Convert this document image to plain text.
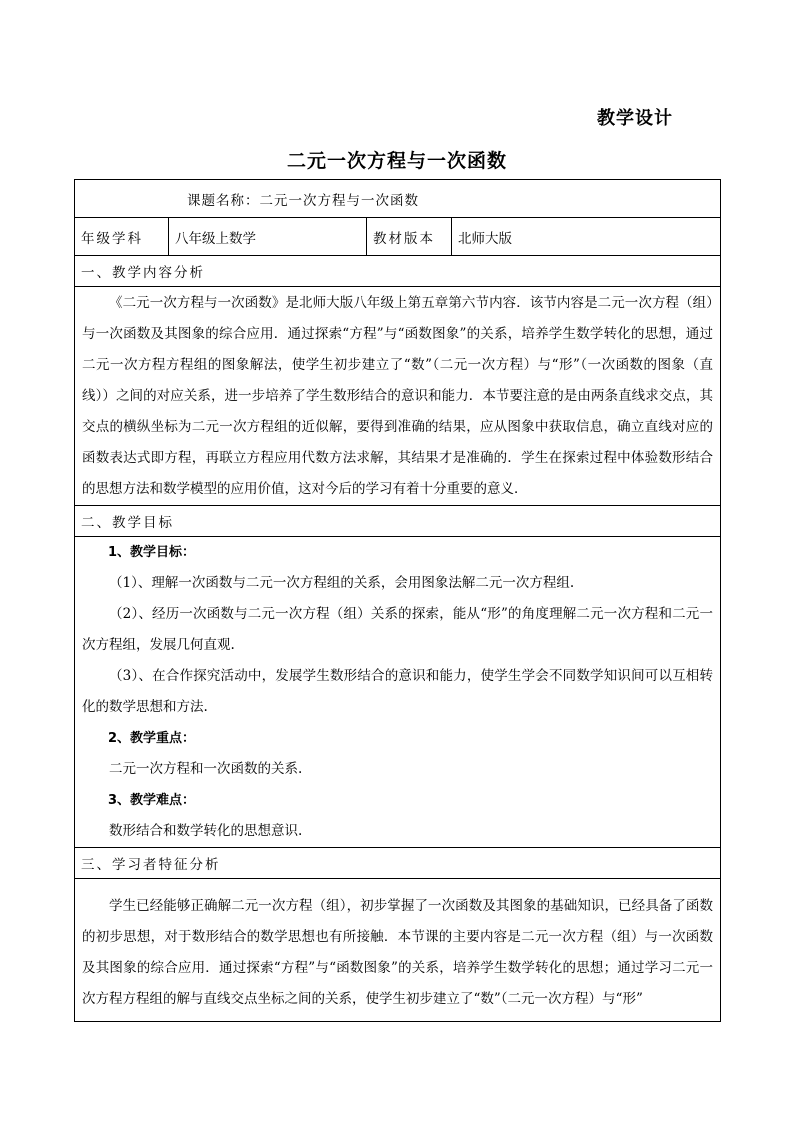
教学设计
二元一次方程与一次函数
课题名称：二元一次方程与一次函数
年级学科	八年级上数学	教材版本	北师大版
一、教学内容分析

《二元一次方程与一次函数》是北师大版八年级上第五章第六节内容．该节内容是二元一次方程（组）与一次函数及其图象的综合应用．通过探索“方程”与“函数图象”的关系，培养学生数学转化的思想，通过二元一次方程方程组的图象解法，使学生初步建立了“数”（二元一次方程）与“形”（一次函数的图象（直线））之间的对应关系，进一步培养了学生数形结合的意识和能力．本节要注意的是由两条直线求交点，其交点的横纵坐标为二元一次方程组的近似解，要得到准确的结果，应从图象中获取信息，确立直线对应的函数表达式即方程，再联立方程应用代数方法求解，其结果才是准确的．学生在探索过程中体验数形结合的思想方法和数学模型的应用价值，这对今后的学习有着十分重要的意义．

二、教学目标

1、教学目标：

（1）、理解一次函数与二元一次方程组的关系，会用图象法解二元一次方程组.

（2）、经历一次函数与二元一次方程（组）关系的探索，能从“形”的角度理解二元一次方程和二元一次方程组，发展几何直观.

（3）、在合作探究活动中，发展学生数形结合的意识和能力，使学生学会不同数学知识间可以互相转化的数学思想和方法.

2、教学重点：

二元一次方程和一次函数的关系.

3、教学难点：

数形结合和数学转化的思想意识.

三、学习者特征分析

学生已经能够正确解二元一次方程（组），初步掌握了一次函数及其图象的基础知识，已经具备了函数的初步思想，对于数形结合的数学思想也有所接触．本节课的主要内容是二元一次方程（组）与一次函数及其图象的综合应用．通过探索“方程”与“函数图象”的关系，培养学生数学转化的思想；通过学习二元一次方程方程组的解与直线交点坐标之间的关系，使学生初步建立了“数”（二元一次方程）与“形”
